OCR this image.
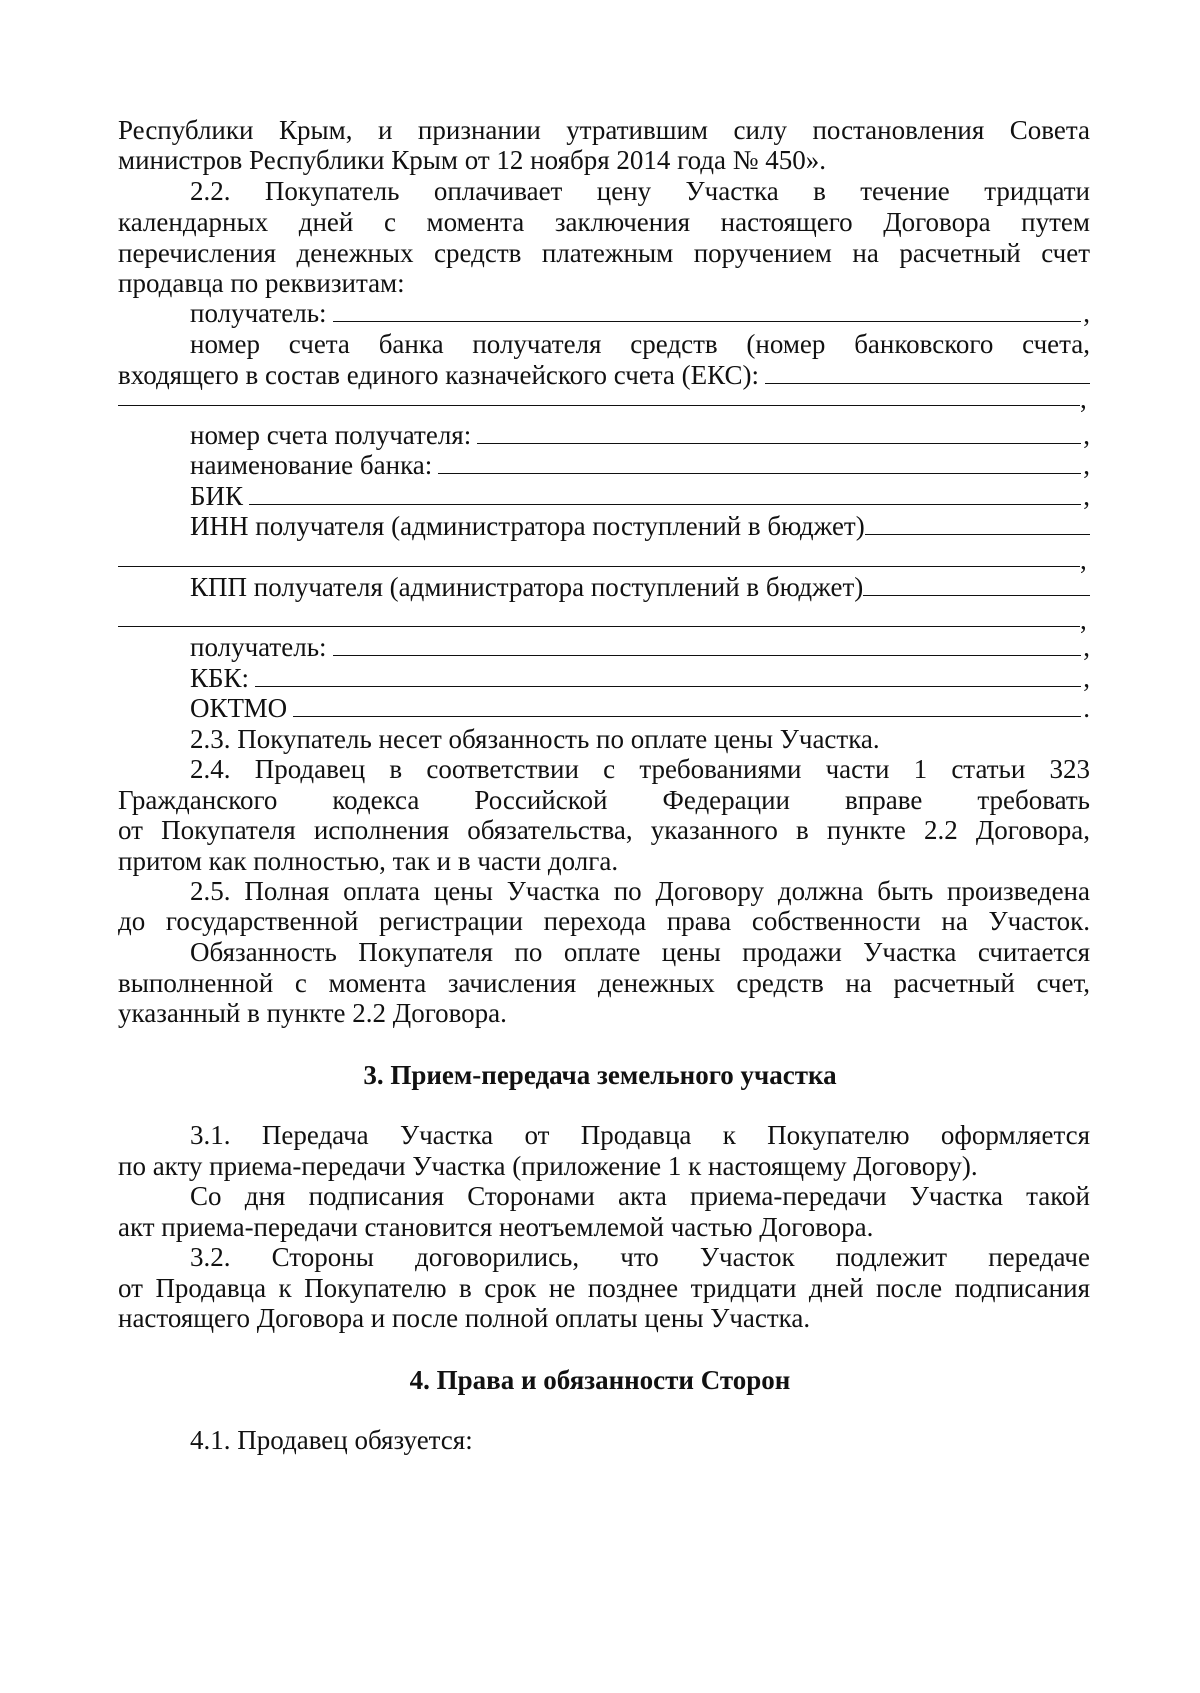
Республики Крым, и признании утратившим силу постановления Совета
министров Республики Крым от 12 ноября 2014 года № 450».
2.2. Покупатель оплачивает цену Участка в течение тридцати
календарных дней с момента заключения настоящего Договора путем
перечисления денежных средств платежным поручением на расчетный счет
продавца по реквизитам:
получатель:	,
номер счета банка получателя средств (номер банковского счета,
входящего в состав единого казначейского счета (ЕКС):
,
номер счета получателя:	,
наименование банка:	,
БИК	,
ИНН получателя (администратора поступлений в бюджет)
,
КПП получателя (администратора поступлений в бюджет)
,
получатель:	,
КБК:	,
ОКТМО	.
2.3. Покупатель несет обязанность по оплате цены Участка.
2.4. Продавец в соответствии с требованиями части 1 статьи 323
Гражданского кодекса Российской Федерации вправе требовать
от Покупателя исполнения обязательства, указанного в пункте 2.2 Договора,
притом как полностью, так и в части долга.
2.5. Полная оплата цены Участка по Договору должна быть произведена
до государственной регистрации перехода права собственности на Участок.
Обязанность Покупателя по оплате цены продажи Участка считается
выполненной с момента зачисления денежных средств на расчетный счет,
указанный в пункте 2.2 Договора.
3. Прием-передача земельного участка
3.1. Передача Участка от Продавца к Покупателю оформляется
по акту приема-передачи Участка (приложение 1 к настоящему Договору).
Со дня подписания Сторонами акта приема-передачи Участка такой
акт приема-передачи становится неотъемлемой частью Договора.
3.2. Стороны договорились, что Участок подлежит передаче
от Продавца к Покупателю в срок не позднее тридцати дней после подписания
настоящего Договора и после полной оплаты цены Участка.
4. Права и обязанности Сторон
4.1. Продавец обязуется:
